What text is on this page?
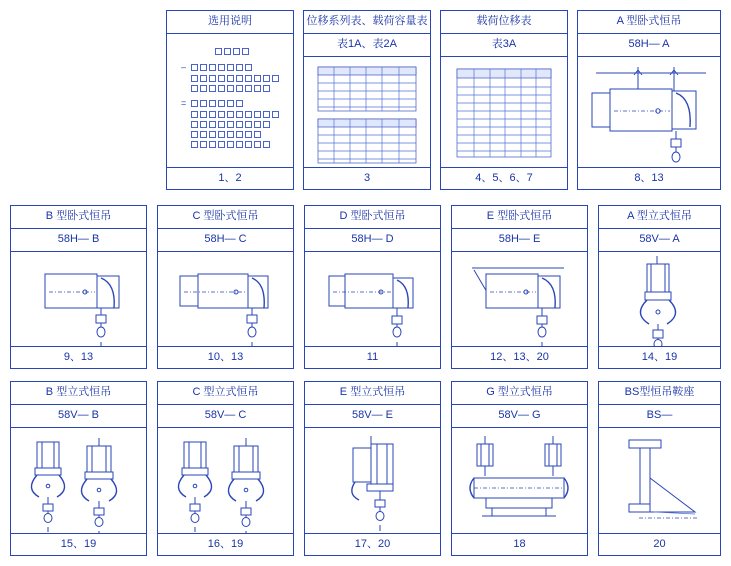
选用说明
–
=
1、2
位移系列表、载荷容量表
表1A、表2A
3
载荷位移表
表3A
4、5、6、7
A 型卧式恒吊
58H— A
8、13
B 型卧式恒吊
58H— B
9、13
C 型卧式恒吊
58H— C
10、13
D 型卧式恒吊
58H— D
11
E 型卧式恒吊
58H— E
12、13、20
A 型立式恒吊
58V— A
14、19
B 型立式恒吊
58V— B
15、19
C 型立式恒吊
58V— C
16、19
E 型立式恒吊
58V— E
17、20
G 型立式恒吊
58V— G
18
BS型恒吊鞍座
BS—
20
